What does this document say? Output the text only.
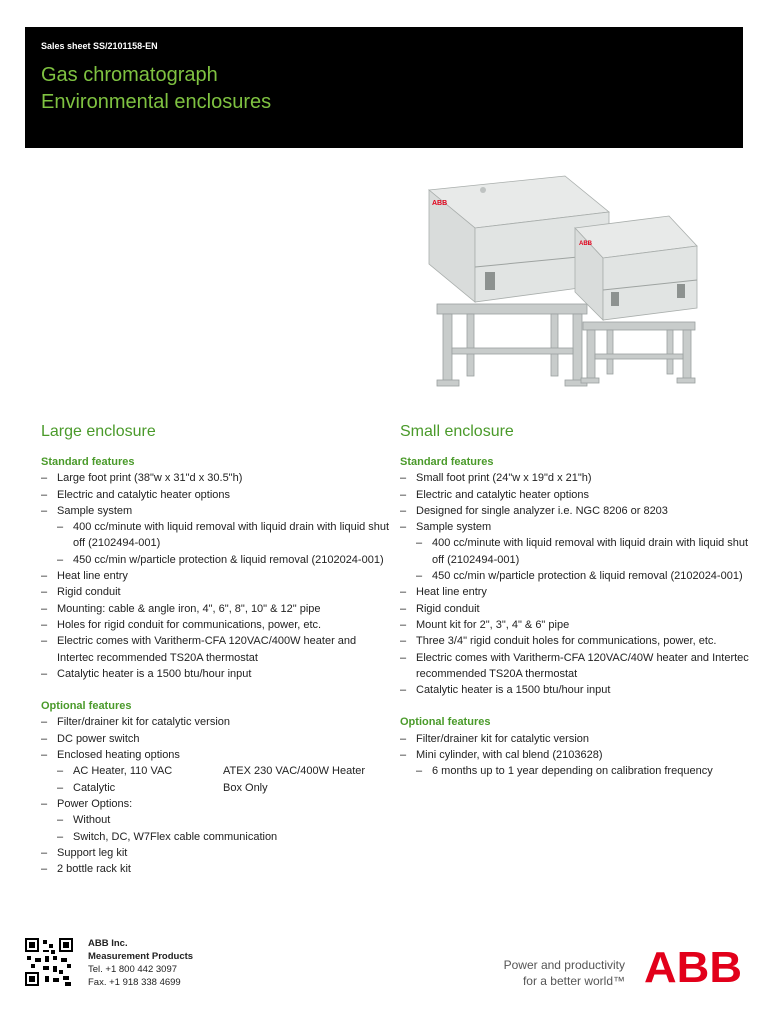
Sales sheet SS/2101158-EN
Gas chromatograph
Environmental enclosures
ABB
ABB
Large enclosure
Standard features
– Large foot print (38"w x 31"d x 30.5"h)
– Electric and catalytic heater options
– Sample system
– 400 cc/minute with liquid removal with liquid drain with liquid shut off (2102494-001)
– 450 cc/min w/particle protection & liquid removal (2102024-001)
– Heat line entry
– Rigid conduit
– Mounting: cable & angle iron, 4", 6", 8", 10" & 12" pipe
– Holes for rigid conduit for communications, power, etc.
– Electric comes with Varitherm-CFA 120VAC/400W heater and Intertec recommended TS20A thermostat
– Catalytic heater is a 1500 btu/hour input
Optional features
– Filter/drainer kit for catalytic version
– DC power switch
– Enclosed heating options
– AC Heater, 110 VAC	ATEX 230 VAC/400W Heater
– Catalytic	Box Only
– Power Options:
– Without
– Switch, DC, W7Flex cable communication
– Support leg kit
– 2 bottle rack kit
Small enclosure
Standard features
– Small foot print (24"w x 19"d x 21"h)
– Electric and catalytic heater options
– Designed for single analyzer i.e. NGC 8206 or 8203
– Sample system
– 400 cc/minute with liquid removal with liquid drain with liquid shut off (2102494-001)
– 450 cc/min w/particle protection & liquid removal (2102024-001)
– Heat line entry
– Rigid conduit
– Mount kit for 2", 3", 4" & 6" pipe
– Three 3/4" rigid conduit holes for communications, power, etc.
– Electric comes with Varitherm-CFA 120VAC/40W heater and Intertec recommended TS20A thermostat
– Catalytic heater is a 1500 btu/hour input
Optional features
– Filter/drainer kit for catalytic version
– Mini cylinder, with cal blend (2103628)
– 6 months up to 1 year depending on calibration frequency
ABB Inc.
Measurement Products
Tel. +1 800 442 3097
Fax. +1 918 338 4699
Power and productivity
for a better world™ ABB
